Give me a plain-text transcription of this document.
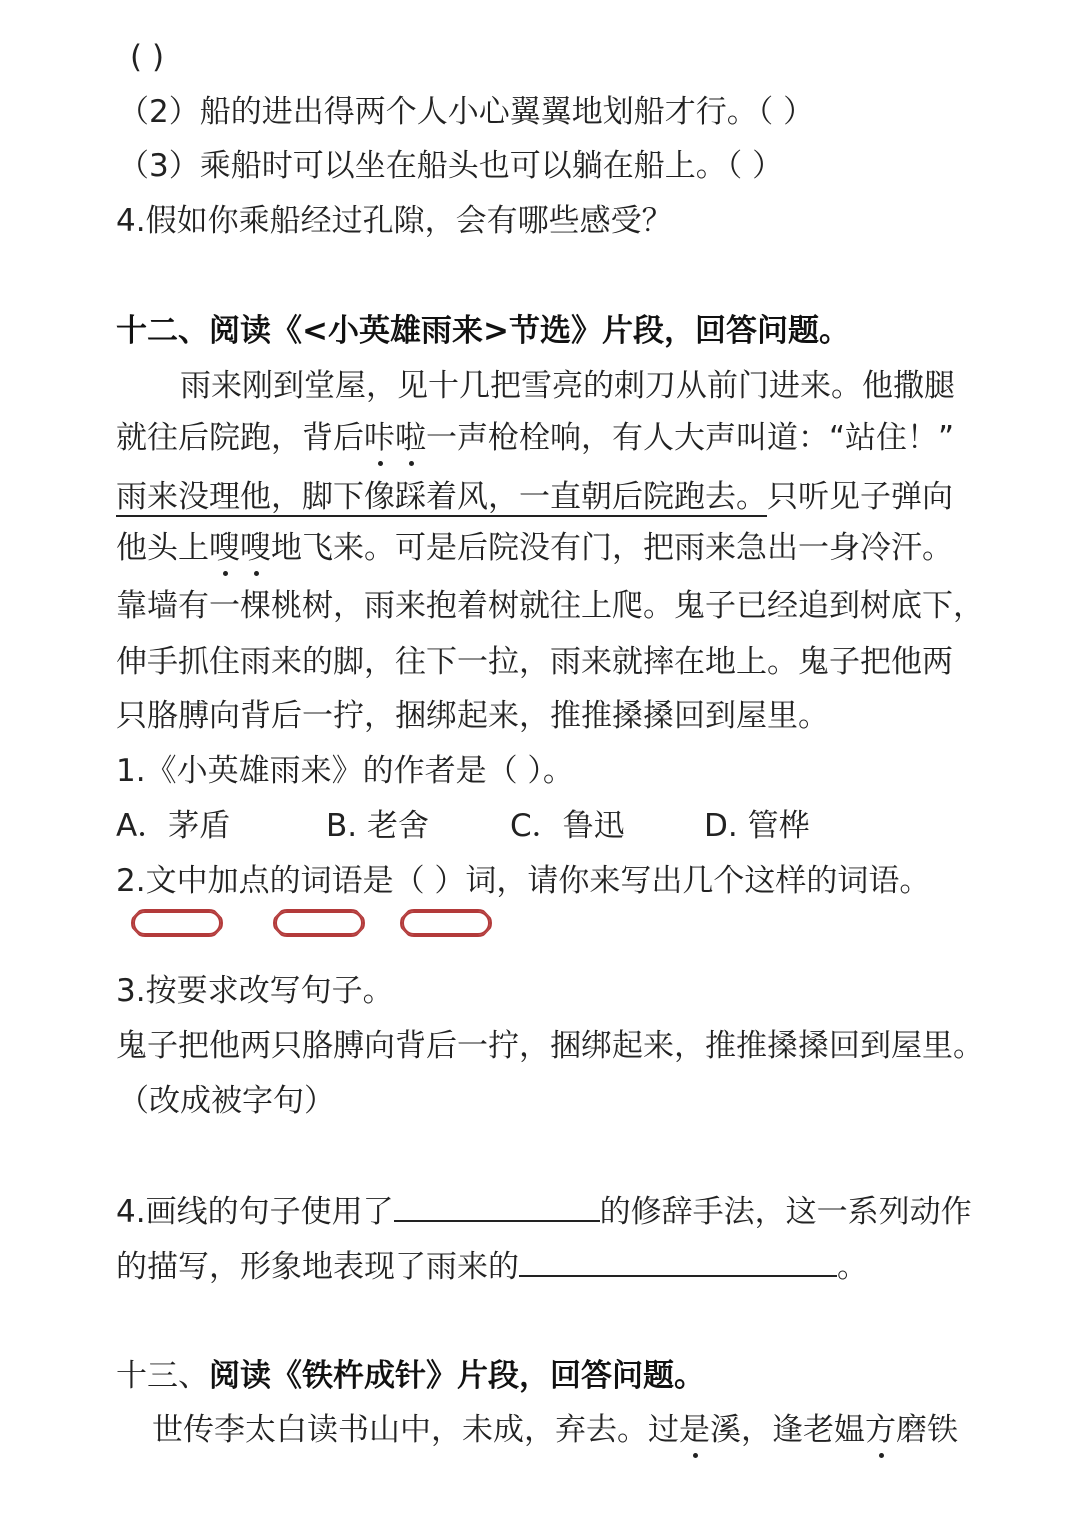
( )
（2）船的进出得两个人小心翼翼地划船才行。（ ）
（3）乘船时可以坐在船头也可以躺在船上。（ ）
4.假如你乘船经过孔隙，会有哪些感受？
十二、阅读《<小英雄雨来>节选》片段，回答问题。
雨来刚到堂屋，见十几把雪亮的刺刀从前门进来。他撒腿
就往后院跑，背后咔啦一声枪栓响，有人大声叫道：“站住！”
雨来没理他，脚下像踩着风，一直朝后院跑去。只听见子弹向
他头上嗖嗖地飞来。可是后院没有门，把雨来急出一身冷汗。
靠墙有一棵桃树，雨来抱着树就往上爬。鬼子已经追到树底下，
伸手抓住雨来的脚，往下一拉，雨来就摔在地上。鬼子把他两
只胳膊向背后一拧，捆绑起来，推推搡搡回到屋里。
1.《小英雄雨来》的作者是（ ）。
A．茅盾	B. 老舍	C．鲁迅	D. 管桦
2.文中加点的词语是（ ）词，请你来写出几个这样的词语。
3.按要求改写句子。
鬼子把他两只胳膊向背后一拧，捆绑起来，推推搡搡回到屋里。
（改成被字句）
4.画线的句子使用了	的修辞手法，这一系列动作
的描写，形象地表现了雨来的	。
十三、阅读《铁杵成针》片段，回答问题。
世传李太白读书山中，未成，弃去。过是溪，逢老媪方磨铁
